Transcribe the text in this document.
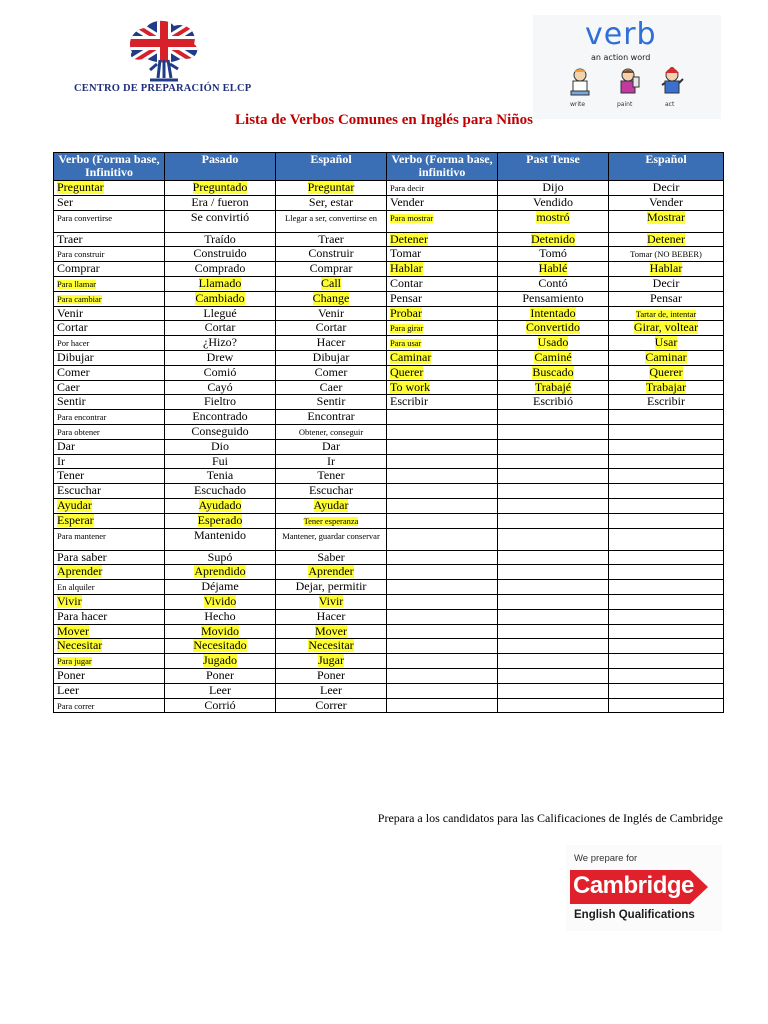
CENTRO DE PREPARACIÓN ELCP
verb
an action word
write	paint	act
Lista de Verbos Comunes en Inglés para Niños
Verbo (Forma base, Infinitivo	Pasado	Español	Verbo (Forma base, infinitivo	Past Tense	Español
Preguntar	Preguntado	Preguntar	Para decir	Dijo	Decir
Ser	Era / fueron	Ser, estar	Vender	Vendido	Vender
Para convertirse	Se convirtió	Llegar a ser, convertirse en	Para mostrar	mostró	Mostrar
Traer	Traído	Traer	Detener	Detenido	Detener
Para construir	Construido	Construir	Tomar	Tomó	Tomar (NO BEBER)
Comprar	Comprado	Comprar	Hablar	Hablé	Hablar
Para llamar	Llamado	Call	Contar	Contó	Decir
Para cambiar	Cambiado	Change	Pensar	Pensamiento	Pensar
Venir	Llegué	Venir	Probar	Intentado	Tartar de, intentar
Cortar	Cortar	Cortar	Para girar	Convertido	Girar, voltear
Por hacer	¿Hizo?	Hacer	Para usar	Usado	Usar
Dibujar	Drew	Dibujar	Caminar	Caminé	Caminar
Comer	Comió	Comer	Querer	Buscado	Querer
Caer	Cayó	Caer	To work	Trabajé	Trabajar
Sentir	Fieltro	Sentir	Escribir	Escribió	Escribir
Para encontrar	Encontrado	Encontrar			
Para obtener	Conseguido	Obtener, conseguir			
Dar	Dio	Dar			
Ir	Fui	Ir			
Tener	Tenia	Tener			
Escuchar	Escuchado	Escuchar			
Ayudar	Ayudado	Ayudar			
Esperar	Esperado	Tener esperanza			
Para mantener	Mantenido	Mantener, guardar conservar			
Para saber	Supó	Saber			
Aprender	Aprendido	Aprender			
En alquiler	Déjame	Dejar, permitir			
Vivir	Vivido	Vivir			
Para hacer	Hecho	Hacer			
Mover	Movido	Mover			
Necesitar	Necesitado	Necesitar			
Para jugar	Jugado	Jugar			
Poner	Poner	Poner			
Leer	Leer	Leer			
Para correr	Corrió	Correr			
Prepara a los candidatos para las Calificaciones de Inglés de Cambridge
We prepare for
Cambridge
English Qualifications
